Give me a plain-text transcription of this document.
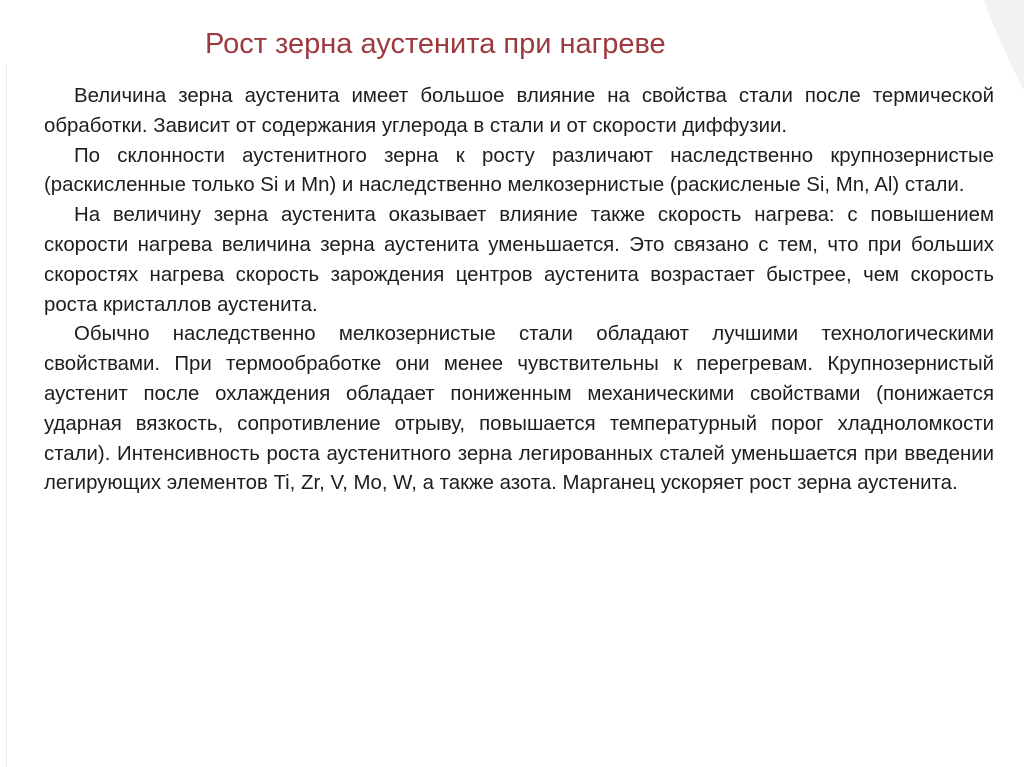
Рост зерна аустенита при нагреве

Величина зерна аустенита имеет большое влияние на свойства стали после термической обработки. Зависит от содержания углерода в стали и от скорости диффузии.

По склонности аустенитного зерна к росту различают наследственно крупнозернистые (раскисленные только Si и Mn) и наследственно мелкозернистые (раскисленые Si, Mn, Al) стали.

На величину зерна аустенита оказывает влияние также скорость нагрева: с повышением скорости нагрева величина зерна аустенита уменьшается. Это связано с тем, что при больших скоростях нагрева скорость зарождения центров аустенита возрастает быстрее, чем скорость роста кристаллов аустенита.

Обычно наследственно мелкозернистые стали обладают лучшими технологическими свойствами. При термообработке они менее чувствительны к перегревам. Крупнозернистый аустенит после охлаждения обладает пониженным механическими свойствами (понижается ударная вязкость, сопротивление отрыву, повышается температурный порог хладноломкости стали). Интенсивность роста аустенитного зерна легированных сталей уменьшается при введении легирующих элементов Ti, Zr, V, Mo, W, а также азота. Марганец ускоряет рост зерна аустенита.
